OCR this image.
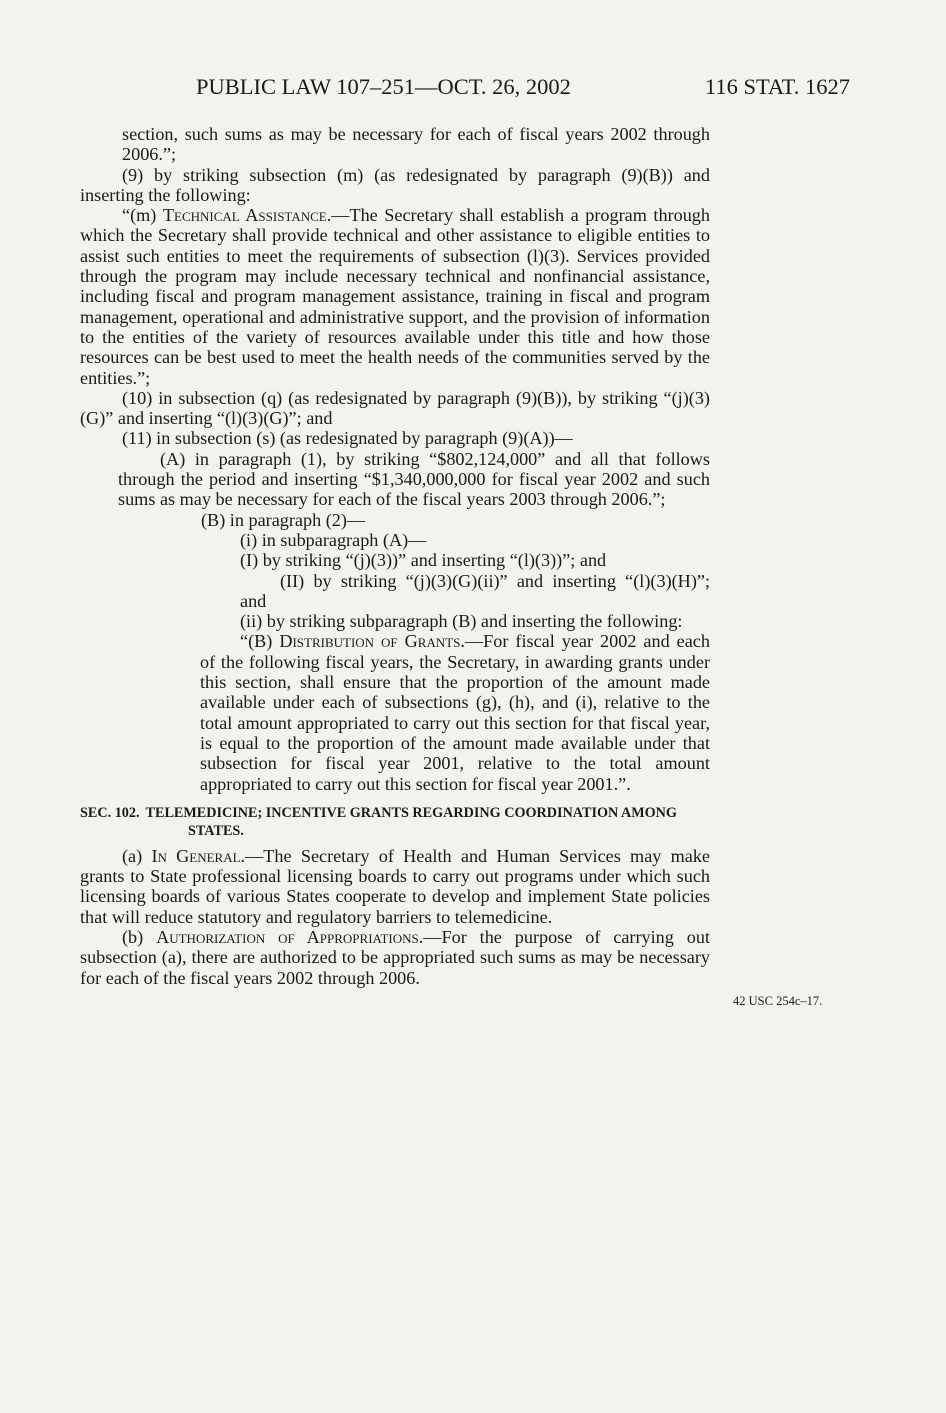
PUBLIC LAW 107–251—OCT. 26, 2002	116 STAT. 1627
42 USC 254c–17.

section, such sums as may be necessary for each of fiscal years 2002 through 2006.”;

(9) by striking subsection (m) (as redesignated by paragraph (9)(B)) and inserting the following:

“(m) Technical Assistance.—The Secretary shall establish a program through which the Secretary shall provide technical and other assistance to eligible entities to assist such entities to meet the requirements of subsection (l)(3). Services provided through the program may include necessary technical and nonfinancial assistance, including fiscal and program management assistance, training in fiscal and program management, operational and administrative support, and the provision of information to the entities of the variety of resources available under this title and how those resources can be best used to meet the health needs of the communities served by the entities.”;

(10) in subsection (q) (as redesignated by paragraph (9)(B)), by striking “(j)(3)(G)” and inserting “(l)(3)(G)”; and

(11) in subsection (s) (as redesignated by paragraph (9)(A))—

(A) in paragraph (1), by striking “$802,124,000” and all that follows through the period and inserting “$1,340,000,000 for fiscal year 2002 and such sums as may be necessary for each of the fiscal years 2003 through 2006.”;

(B) in paragraph (2)—

(i) in subparagraph (A)—

(I) by striking “(j)(3))” and inserting “(l)(3))”; and

(II) by striking “(j)(3)(G)(ii)” and inserting “(l)(3)(H)”; and

(ii) by striking subparagraph (B) and inserting the following:

“(B) Distribution of Grants.—For fiscal year 2002 and each of the following fiscal years, the Secretary, in awarding grants under this section, shall ensure that the proportion of the amount made available under each of subsections (g), (h), and (i), relative to the total amount appropriated to carry out this section for that fiscal year, is equal to the proportion of the amount made available under that subsection for fiscal year 2001, relative to the total amount appropriated to carry out this section for fiscal year 2001.”.

SEC. 102. TELEMEDICINE; INCENTIVE GRANTS REGARDING COORDINATION AMONG STATES.

(a) In General.—The Secretary of Health and Human Services may make grants to State professional licensing boards to carry out programs under which such licensing boards of various States cooperate to develop and implement State policies that will reduce statutory and regulatory barriers to telemedicine.

(b) Authorization of Appropriations.—For the purpose of carrying out subsection (a), there are authorized to be appropriated such sums as may be necessary for each of the fiscal years 2002 through 2006.
